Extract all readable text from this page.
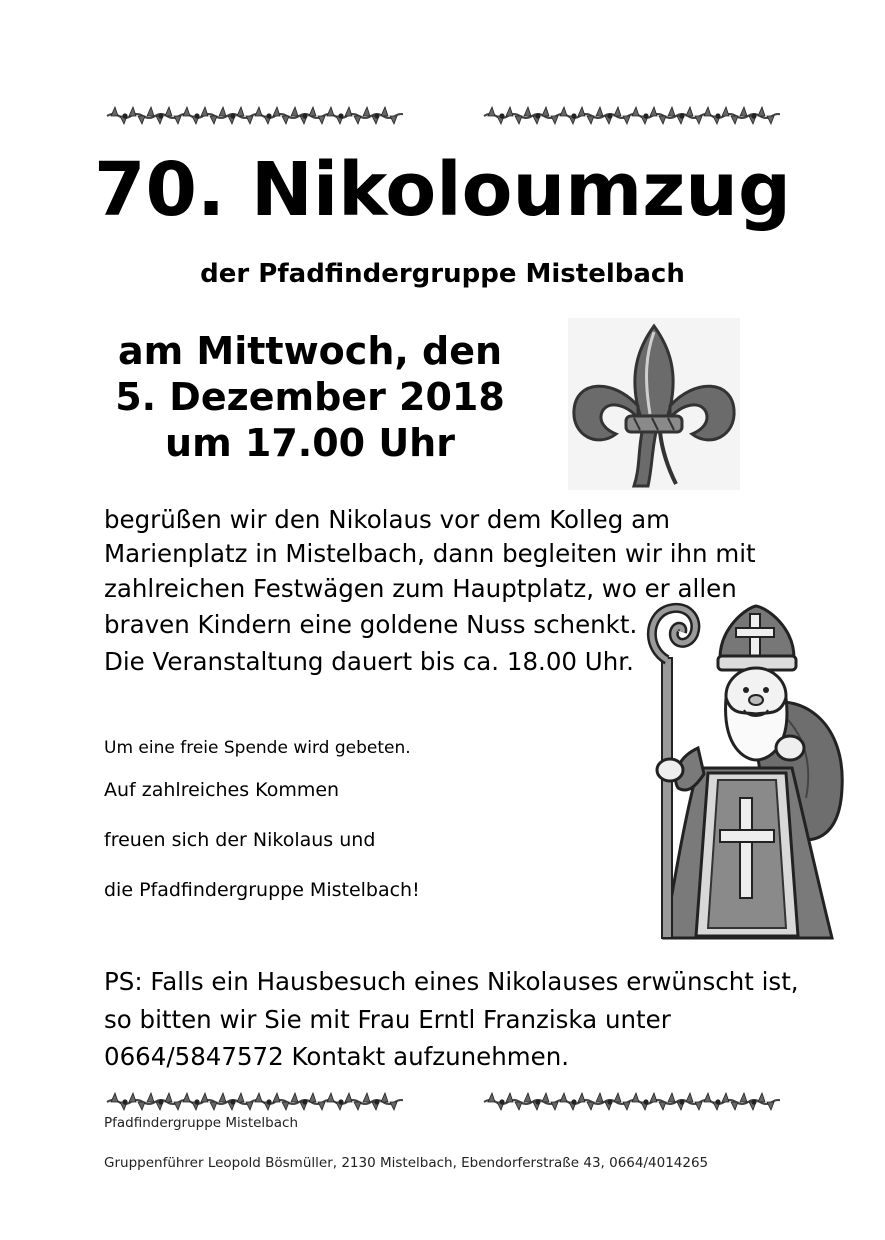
70. Nikoloumzug
der Pfadfindergruppe Mistelbach
am Mittwoch, den
5. Dezember 2018
um 17.00 Uhr
begrüßen wir den Nikolaus vor dem Kolleg am
Marienplatz in Mistelbach, dann begleiten wir ihn mit
zahlreichen Festwägen zum Hauptplatz, wo er allen
braven Kindern eine goldene Nuss schenkt.
Die Veranstaltung dauert bis ca. 18.00 Uhr.
Um eine freie Spende wird gebeten.
Auf zahlreiches Kommen
freuen sich der Nikolaus und
die Pfadfindergruppe Mistelbach!
PS: Falls ein Hausbesuch eines Nikolauses erwünscht ist,
so bitten wir Sie mit Frau Erntl Franziska unter
0664/5847572 Kontakt aufzunehmen.
Pfadfindergruppe Mistelbach
Gruppenführer Leopold Bösmüller, 2130 Mistelbach, Ebendorferstraße 43, 0664/4014265
